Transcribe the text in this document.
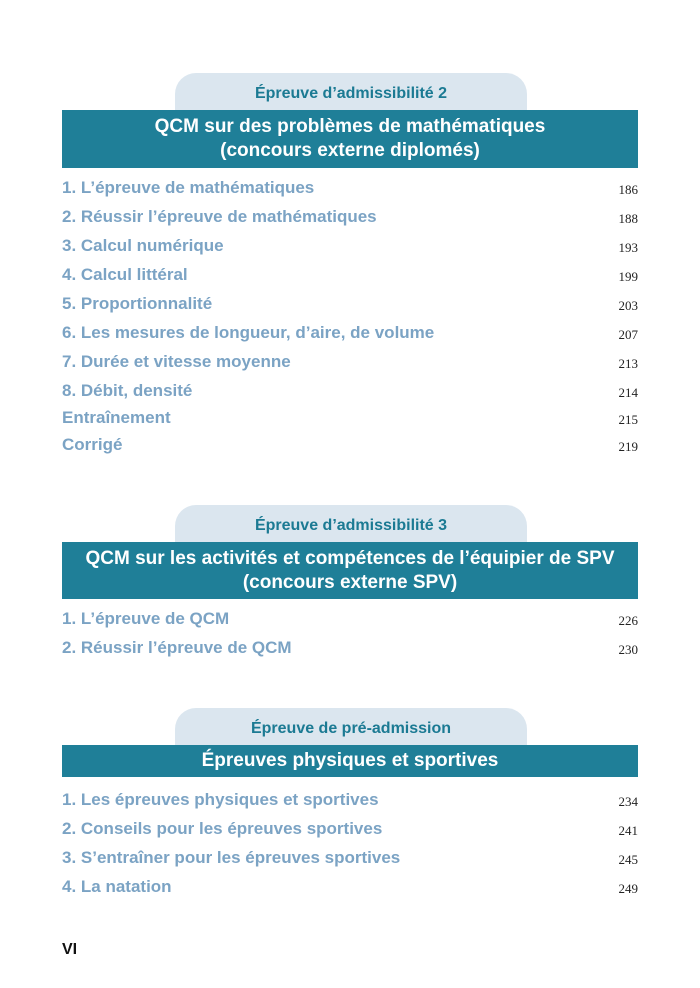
Épreuve d’admissibilité 2
QCM sur des problèmes de mathématiques
(concours externe diplomés)
1. L’épreuve de mathématiques	186
2. Réussir l’épreuve de mathématiques	188
3. Calcul numérique	193
4. Calcul littéral	199
5. Proportionnalité	203
6. Les mesures de longueur, d’aire, de volume	207
7. Durée et vitesse moyenne	213
8. Débit, densité	214
Entraînement	215
Corrigé	219
Épreuve d’admissibilité 3
QCM sur les activités et compétences de l’équipier de SPV
(concours externe SPV)
1. L’épreuve de QCM	226
2. Réussir l’épreuve de QCM	230
Épreuve de pré-admission
Épreuves physiques et sportives
1. Les épreuves physiques et sportives	234
2. Conseils pour les épreuves sportives	241
3. S’entraîner pour les épreuves sportives	245
4. La natation	249
VI
